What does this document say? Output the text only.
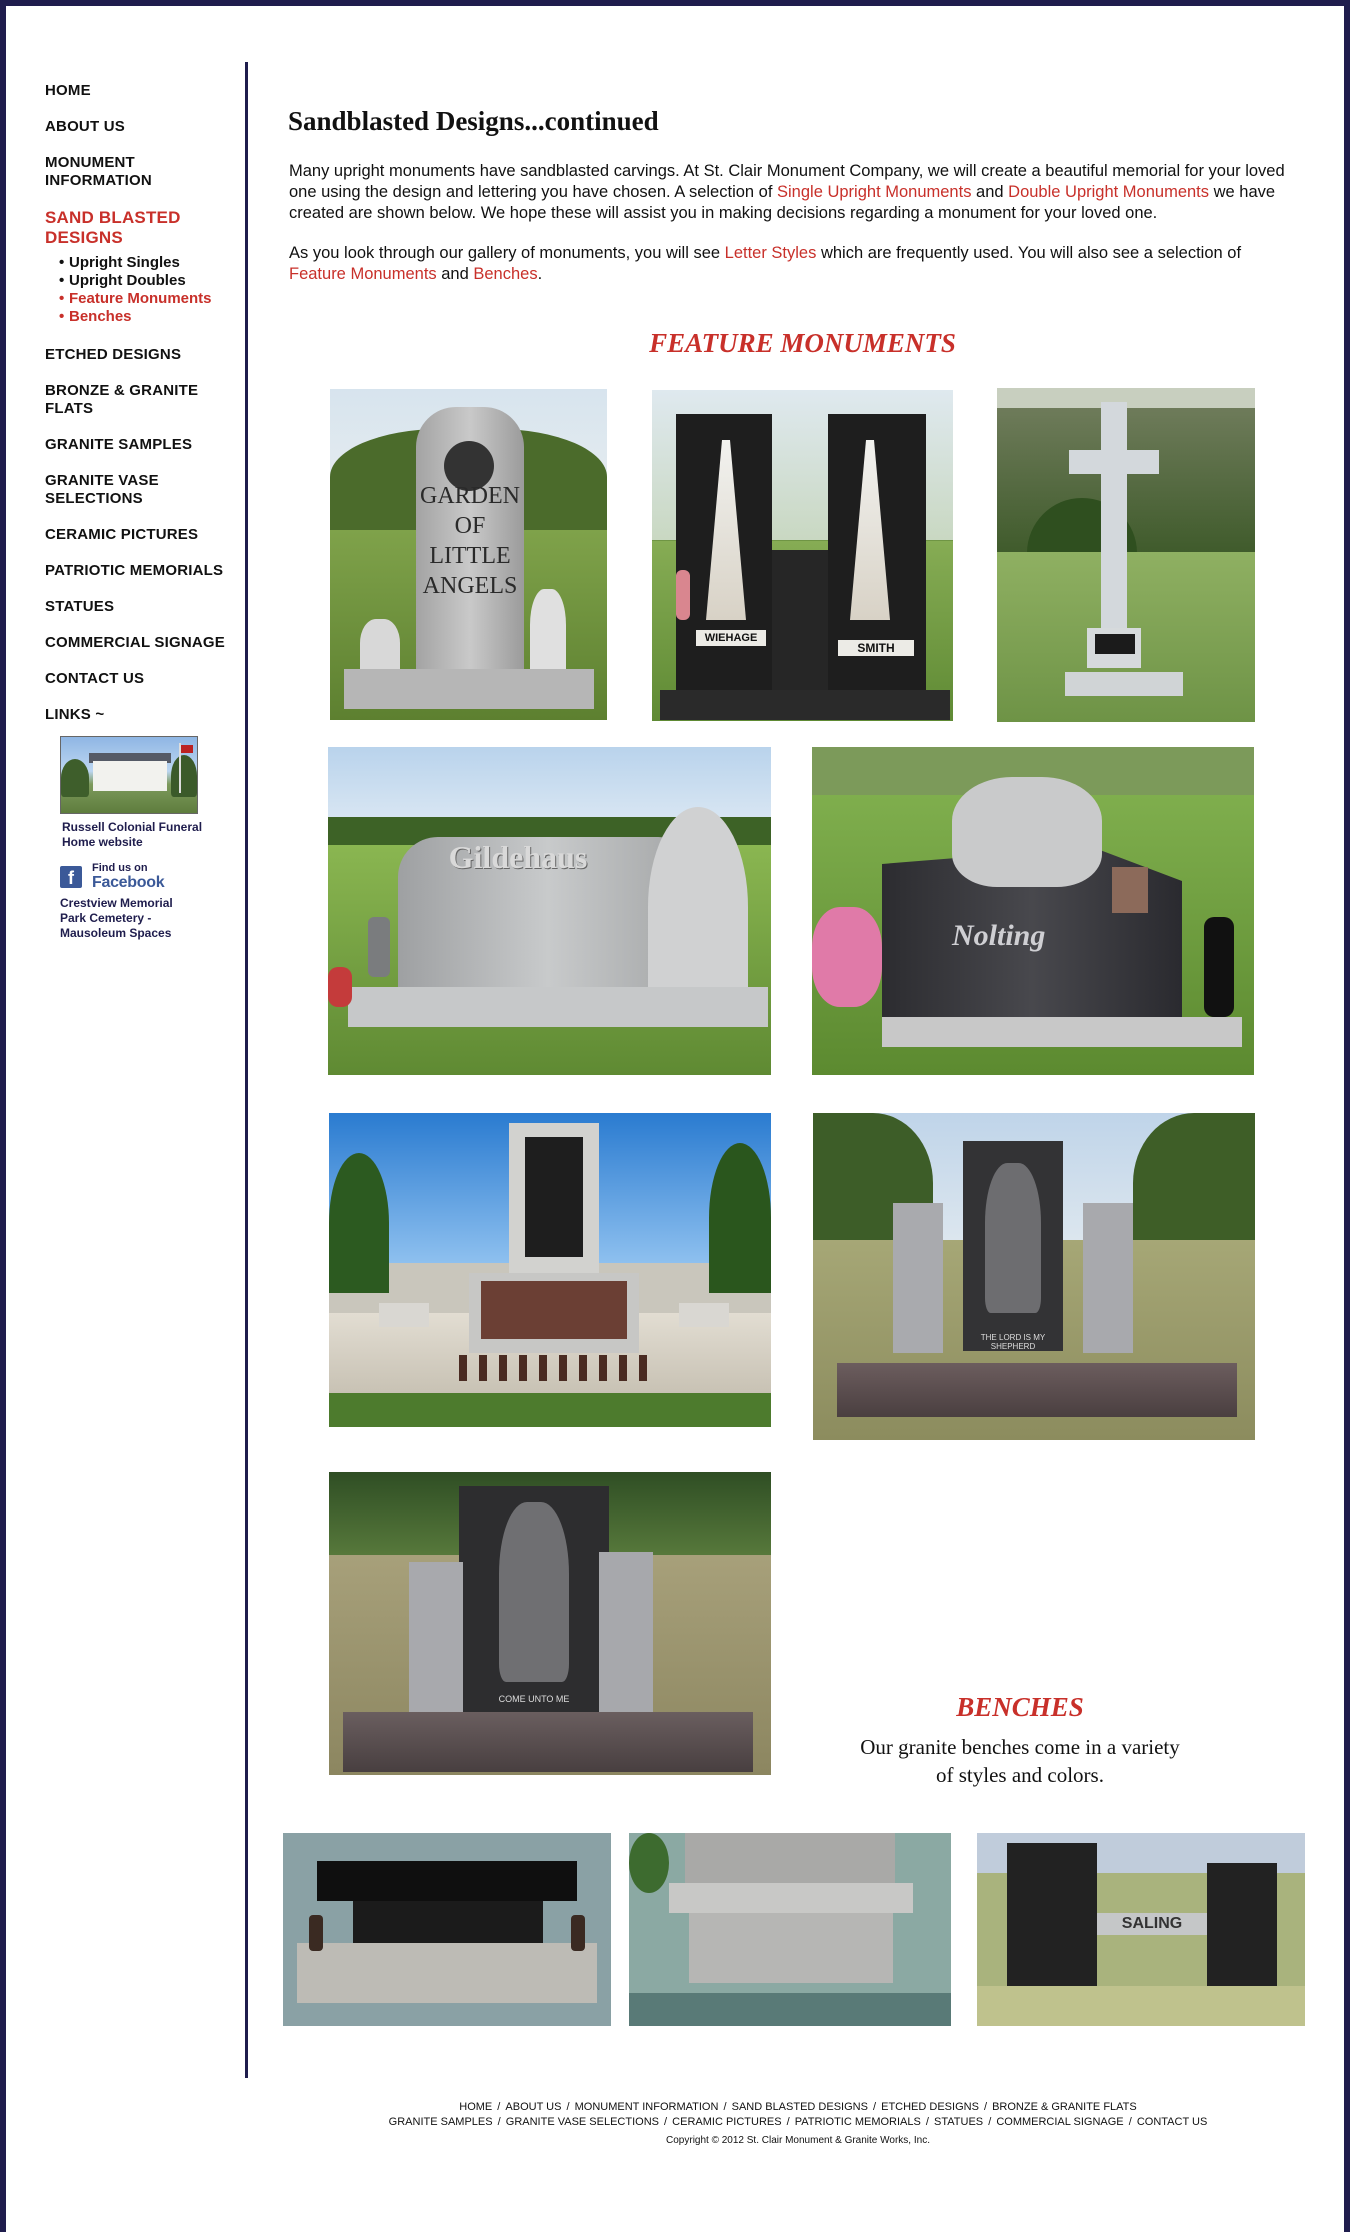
HOME
ABOUT US
MONUMENT INFORMATION
SAND BLASTED DESIGNS
• Upright Singles
• Upright Doubles
• Feature Monuments
• Benches
ETCHED DESIGNS
BRONZE & GRANITE FLATS
GRANITE SAMPLES
GRANITE VASE SELECTIONS
CERAMIC PICTURES
PATRIOTIC MEMORIALS
STATUES
COMMERCIAL SIGNAGE
CONTACT US
LINKS ~
Russell Colonial Funeral Home website
f	Find us on
Facebook
Crestview Memorial Park Cemetery - Mausoleum Spaces
Sandblasted Designs...continued

Many upright monuments have sandblasted carvings. At St. Clair Monument Company, we will create a beautiful memorial for your loved one using the design and lettering you have chosen. A selection of Single Upright Monuments and Double Upright Monuments we have created are shown below. We hope these will assist you in making decisions regarding a monument for your loved one.

As you look through our gallery of monuments, you will see Letter Styles which are frequently used. You will also see a selection of Feature Monuments and Benches.

FEATURE MONUMENTS
GARDEN
OF
LITTLE
ANGELS
WIEHAGE
SMITH
Gildehaus
Nolting
THE LORD IS MY SHEPHERD
COME UNTO ME	BENCHES

Our granite benches come in a variety of styles and colors.

SALING
HOME / ABOUT US / MONUMENT INFORMATION / SAND BLASTED DESIGNS / ETCHED DESIGNS / BRONZE & GRANITE FLATS
GRANITE SAMPLES / GRANITE VASE SELECTIONS / CERAMIC PICTURES / PATRIOTIC MEMORIALS / STATUES / COMMERCIAL SIGNAGE / CONTACT US
Copyright © 2012 St. Clair Monument & Granite Works, Inc.
